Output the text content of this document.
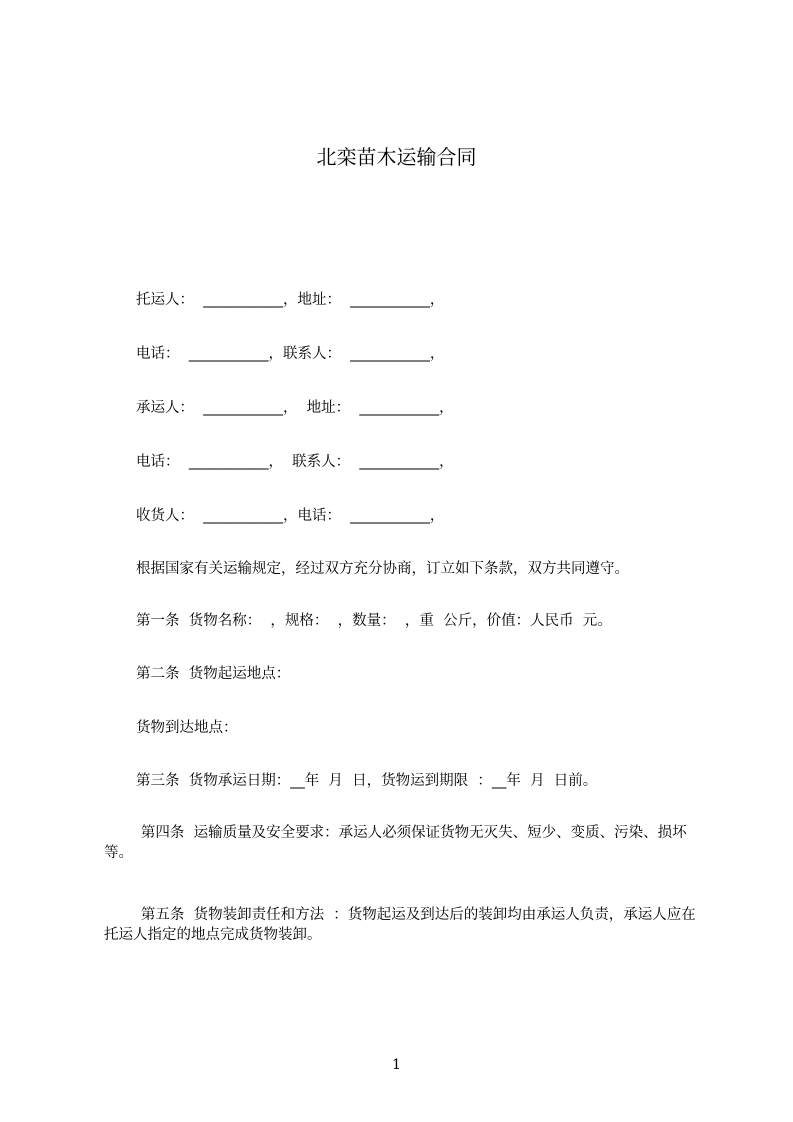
北栾苗木运输合同
托运人：  ___________，地址：  ___________，
电话：  ___________，联系人：  ___________，
承运人：  ___________，  地址：  ___________，
电话：  ___________，  联系人：  ___________，
收货人：  ___________，电话：  ___________，
根据国家有关运输规定，经过双方充分协商，订立如下条款，双方共同遵守。
第一条  货物名称：  ，规格：  ，数量：  ，重  公斤，价值：人民币  元。
第二条  货物起运地点：
货物到达地点：
第三条  货物承运日期：__年  月  日，货物运到期限  ：__年  月  日前。
第四条  运输质量及安全要求：承运人必须保证货物无灭失、短少、变质、污染、损坏等。
第五条  货物装卸责任和方法  ：货物起运及到达后的装卸均由承运人负责，承运人应在托运人指定的地点完成货物装卸。
1
